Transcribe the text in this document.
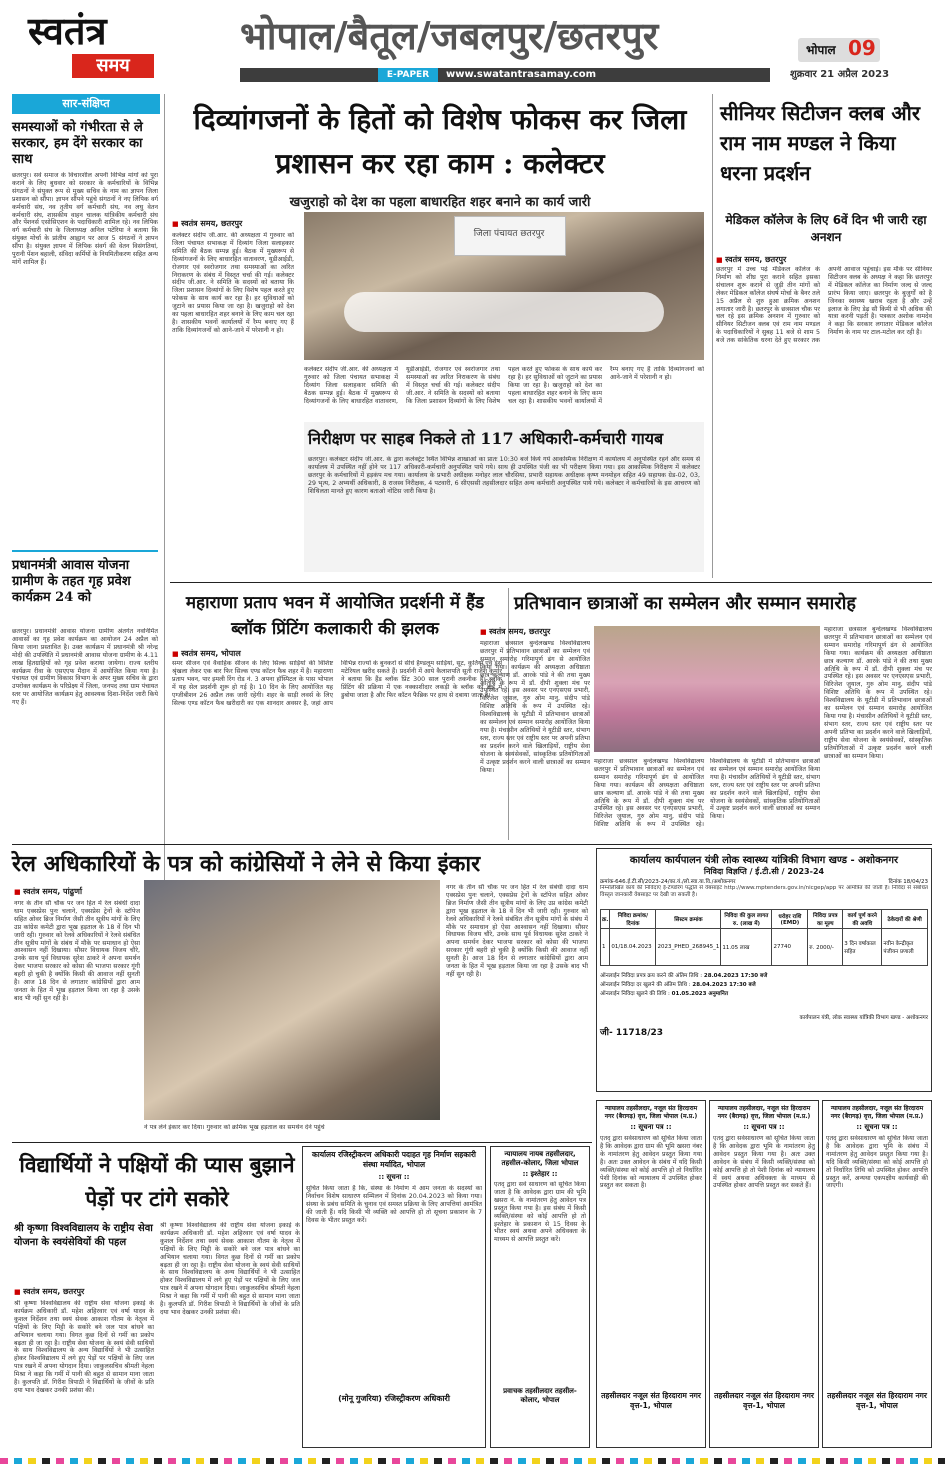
स्वतंत्र
समय
भोपाल/बैतूल/जबलपुर/छतरपुर
E-PAPER	www.swatantrasamay.com
भोपाल 09
शुक्रवार 21 अप्रैल 2023
सार-संक्षिप्त
समस्याओं को गंभीरता से ले सरकार, हम देंगे सरकार का साथ
छतरपुर। सर्व समाज के विचारशील अपनी विभिन्न मांगों को पूरा कराने के लिए बुधवार को सरकार के कर्मचारियों के विभिन्न संगठनों ने संयुक्त रूप से मुख्य सचिव के नाम का ज्ञापन जिला प्रशासन को सौंपा। ज्ञापन सौंपने पहुंचे संगठनों ने नए लिपिक वर्ग कर्मचारी संघ, नव तृतीय वर्ग कर्मचारी संघ, नव लघु वेतन कर्मचारी संघ, शासकीय वाहन चालक यांत्रिकीय कर्मचारी संघ और पेंशनर्स एसोसिएशन के पदाधिकारी शामिल रहे। नव लिपिक वर्ग कर्मचारी संघ के जिलाध्यक्ष अनिल पटेरिया ने बताया कि संयुक्त मोर्चा के प्रांतीय आह्वान पर आज 5 संगठनों ने ज्ञापन सौंपा है। संयुक्त ज्ञापन में लिपिक संवर्ग की वेतन विसंगतियां, पुरानी पेंशन बहाली, संविदा कर्मियों के नियमितीकरण सहित अन्य मांगें शामिल हैं।
प्रधानमंत्री आवास योजना ग्रामीण के तहत गृह प्रवेश कार्यक्रम 24 को
छतरपुर। प्रधानमंत्री आवास योजना ग्रामीण अंतर्गत नवनिर्मित आवासों का गृह प्रवेश कार्यक्रम का आयोजन 24 अप्रैल को किया जाना प्रस्तावित है। उक्त कार्यक्रम में प्रधानमंत्री श्री नरेन्द्र मोदी की उपस्थिति में प्रधानमंत्री आवास योजना ग्रामीण के 4.11 लाख हितग्राहियों को गृह प्रवेश कराया जायेगा। राज्य स्तरीय कार्यक्रम रीवा के एसएएफ मैदान में आयोजित किया गया है। पंचायत एवं ग्रामीण विकास विभाग के अपर मुख्य सचिव के द्वारा उपरोक्त कार्यक्रम के परिप्रेक्ष्य में जिला, जनपद तथा ग्राम पंचायत स्तर पर आयोजित कार्यक्रम हेतु आवश्यक दिशा-निर्देश जारी किये गए हैं।
दिव्यांगजनों के हितों को विशेष फोकस कर जिला प्रशासन कर रहा काम : कलेक्टर
खजुराहो को देश का पहला बाधारहित शहर बनाने का कार्य जारी
■ स्वतंत्र समय, छतरपुर
कलेक्टर संदीप जी.आर. की अध्यक्षता में गुरुवार को जिला पंचायत सभाकक्ष में दिव्यांग जिला सलाहकार समिति की बैठक सम्पन्न हुई। बैठक में मुख्यरूप से दिव्यांगजनों के लिए बाधारहित वातावरण, यूडीआईडी, रोजगार एवं स्वरोजगार तथा समस्याओं का त्वरित निराकरण के संबंध में विस्तृत चर्चा की गई। कलेक्टर संदीप जी.आर. ने समिति के सदस्यों को बताया कि जिला प्रशासन दिव्यांगों के लिए विशेष पहल करते हुए फोकस के साथ कार्य कर रहा है। हर सुविधाओं को जुटाने का प्रयास किया जा रहा है। खजुराहो को देश का पहला बाधारहित शहर बनाने के लिए काम चल रहा है। शासकीय भवनों कार्यालयों में रैम्प बनाए गए हैं ताकि दिव्यांगजनों को आने-जाने में परेशानी न हो।
जिला पंचायत छतरपुर
कलेक्टर संदीप जी.आर. की अध्यक्षता में गुरुवार को जिला पंचायत सभाकक्ष में दिव्यांग जिला सलाहकार समिति की बैठक सम्पन्न हुई। बैठक में मुख्यरूप से दिव्यांगजनों के लिए बाधारहित वातावरण, यूडीआईडी, रोजगार एवं स्वरोजगार तथा समस्याओं का त्वरित निराकरण के संबंध में विस्तृत चर्चा की गई। कलेक्टर संदीप जी.आर. ने समिति के सदस्यों को बताया कि जिला प्रशासन दिव्यांगों के लिए विशेष पहल करते हुए फोकस के साथ कार्य कर रहा है। हर सुविधाओं को जुटाने का प्रयास किया जा रहा है। खजुराहो को देश का पहला बाधारहित शहर बनाने के लिए काम चल रहा है। शासकीय भवनों कार्यालयों में रैम्प बनाए गए हैं ताकि दिव्यांगजनों को आने-जाने में परेशानी न हो।
निरीक्षण पर साहब निकले तो 117 अधिकारी-कर्मचारी गायब
छतरपुर। कलेक्टर संदीप जी.आर. के द्वारा कलेक्ट्रेट स्थित विभिन्न शाखाओं का प्रातः 10:30 बजे किये गये आकस्मिक निरीक्षण में कार्यालय में अनुपस्थित रहने और समय से कार्यालय में उपस्थित नहीं होने पर 117 अधिकारी-कर्मचारी अनुपस्थित पाये गये। साथ ही उपस्थित पंजी का भी परीक्षण किया गया। इस आकस्मिक निरीक्षण में कलेक्टर छतरपुर के कर्मचारियों में हड़कंप मच गया। कार्यालय के प्रभारी अधीक्षक मनोहर लाल चौरसिया, प्रभारी सहायक अधीक्षक कृष्ण मनमोहन सहित 49 सहायक ग्रेड-02, 03, 29 भृत्य, 2 अभ्यर्थी अधिकारी, 8 राजस्व निरीक्षक, 4 पटवारी, 6 सीएससी तहसीलदार सहित अन्य कर्मचारी अनुपस्थित पाये गये। कलेक्टर ने कर्मचारियों के इस आचरण को शिथिलता मानते हुए कारण बताओ नोटिस जारी किया है।
सीनियर सिटीजन क्लब और राम नाम मण्डल ने किया धरना प्रदर्शन
मेडिकल कॉलेज के लिए 6वें दिन भी जारी रहा अनशन
■ स्वतंत्र समय, छतरपुर
छतरपुर में उच्च पढ़े मेडिकल कॉलेज के निर्माण को शीघ्र पूरा कराने सहित इसका संचालन शुरू कराने से जुड़ी तीन मांगों को लेकर मेडिकल कॉलेज संघर्ष मोर्चा के बैनर तले 15 अप्रैल से शुरु हुआ क्रमिक अनशन लगातार जारी है। छतरपुर के छत्रसाल चौक पर चल रहे इस क्रमिक अनशन में गुरुवार को सीनियर सिटीजन क्लब एवं राम नाम मण्डल के पदाधिकारियों ने सुबह 11 बजे से शाम 5 बजे तक सांकेतिक धरना देते हुए सरकार तक अपनी आवाज पहुंचाई। इस मौके पर सीनियर सिटीजन क्लब के अध्यक्ष ने कहा कि छतरपुर में मेडिकल कॉलेज का निर्माण जल्द से जल्द प्रारंभ किया जाए। छतरपुर के बुजुर्गों को है जिनका स्वास्थ्य खराब रहता है और उन्हें इलाज के लिए डेढ़ सौ किमी से भी अधिक की यात्रा करनी पड़ती है। पत्रकार अशोक नामदेव ने कहा कि सरकार लगातार मेडिकल कॉलेज निर्माण के नाम पर टाल-मटोल कर रही है।
महाराणा प्रताप भवन में आयोजित प्रदर्शनी में हैंड ब्लॉक प्रिंटिंग कलाकारी की झलक
■ स्वतंत्र समय, भोपाल
समर सीजन एवं वैवाहिक सीजन के लिए सिल्क साड़ियों की विशिष्ट श्रृंखला लेकर एक बार फिर सिल्क एण्ड कॉटन फैब शहर में है। महाराणा प्रताप भवन, पार इमली रिंग रोड नं. 3 अपना हॉस्पिटल के पास भोपाल में यह सेल प्रदर्शनी शुरू हो गई है। 10 दिन के लिए आयोजित यह एग्जीबीशन 26 अप्रैल तक जारी रहेगी। शहर के साड़ी लवर्स के लिए सिल्क एण्ड कॉटन फैब खरीदारी का एक शानदार अवसर है, जहां आप विभिन्न राज्यों के बुनकरों से सीधे हैण्डलूम साड़ियां, सूट, कुर्तियां एवं ड्रेस मटेरियल खरीद सकते हैं। प्रदर्शनी में आये कैलाशपति सूती राजेश कुमार ने बताया कि हैंड ब्लॉक प्रिंट 300 साल पुरानी तकनीक है। ब्लॉक प्रिंटिंग की प्रक्रिया में एक नक्काशीदार लकड़ी के ब्लॉक को डाई में डुबोया जाता है और फिर कॉटन फैब्रिक पर हाथ से दबाया जाता है।
प्रतिभावान छात्राओं का सम्मेलन और सम्मान समारोह
■ स्वतंत्र समय, छतरपुर
महाराजा छत्रसाल बुन्देलखण्ड विश्वविद्यालय छतरपुर में प्रतिभावान छात्राओं का सम्मेलन एवं सम्मान समारोह गरिमापूर्ण ढंग से आयोजित किया गया। कार्यक्रम की अध्यक्षता अधिष्ठाता छात्र कल्याण डॉ. आरके पांडे ने की तथा मुख्य अतिथि के रूप में डॉ. दीपी शुक्ला मंच पर उपस्थित रहे। इस अवसर पर एनएसएस प्रभारी, विरिजेश जुयाल, गुरु ओम मानु, संदीप पांडे विशिष्ट अतिथि के रूप में उपस्थित रहे। विश्वविद्यालय के यूटीडी में प्रतिभावान छात्राओं का सम्मेलन एवं सम्मान समारोह आयोजित किया गया है। मंचासीन अतिथियों ने यूटीडी स्तर, संभाग स्तर, राज्य स्तर एवं राष्ट्रीय स्तर पर अपनी प्रतिभा का प्रदर्शन करने वाले खिलाड़ियों, राष्ट्रीय सेवा योजना के स्वयंसेवकों, सांस्कृतिक प्रतियोगिताओं में उत्कृष्ट प्रदर्शन करने वाली छात्राओं का सम्मान किया।
महाराजा छत्रसाल बुन्देलखण्ड विश्वविद्यालय छतरपुर में प्रतिभावान छात्राओं का सम्मेलन एवं सम्मान समारोह गरिमापूर्ण ढंग से आयोजित किया गया। कार्यक्रम की अध्यक्षता अधिष्ठाता छात्र कल्याण डॉ. आरके पांडे ने की तथा मुख्य अतिथि के रूप में डॉ. दीपी शुक्ला मंच पर उपस्थित रहे। इस अवसर पर एनएसएस प्रभारी, विरिजेश जुयाल, गुरु ओम मानु, संदीप पांडे विशिष्ट अतिथि के रूप में उपस्थित रहे। विश्वविद्यालय के यूटीडी में प्रतिभावान छात्राओं का सम्मेलन एवं सम्मान समारोह आयोजित किया गया है। मंचासीन अतिथियों ने यूटीडी स्तर, संभाग स्तर, राज्य स्तर एवं राष्ट्रीय स्तर पर अपनी प्रतिभा का प्रदर्शन करने वाले खिलाड़ियों, राष्ट्रीय सेवा योजना के स्वयंसेवकों, सांस्कृतिक प्रतियोगिताओं में उत्कृष्ट प्रदर्शन करने वाली छात्राओं का सम्मान किया।
महाराजा छत्रसाल बुन्देलखण्ड विश्वविद्यालय छतरपुर में प्रतिभावान छात्राओं का सम्मेलन एवं सम्मान समारोह गरिमापूर्ण ढंग से आयोजित किया गया। कार्यक्रम की अध्यक्षता अधिष्ठाता छात्र कल्याण डॉ. आरके पांडे ने की तथा मुख्य अतिथि के रूप में डॉ. दीपी शुक्ला मंच पर उपस्थित रहे। इस अवसर पर एनएसएस प्रभारी, विरिजेश जुयाल, गुरु ओम मानु, संदीप पांडे विशिष्ट अतिथि के रूप में उपस्थित रहे। विश्वविद्यालय के यूटीडी में प्रतिभावान छात्राओं का सम्मेलन एवं सम्मान समारोह आयोजित किया गया है। मंचासीन अतिथियों ने यूटीडी स्तर, संभाग स्तर, राज्य स्तर एवं राष्ट्रीय स्तर पर अपनी प्रतिभा का प्रदर्शन करने वाले खिलाड़ियों, राष्ट्रीय सेवा योजना के स्वयंसेवकों, सांस्कृतिक प्रतियोगिताओं में उत्कृष्ट प्रदर्शन करने वाली छात्राओं का सम्मान किया।
रेल अधिकारियों के पत्र को कांग्रेसियों ने लेने से किया इंकार
■ स्वतंत्र समय, पांढुर्णा
नगर के तीन सौ चौक पर जन हित में रेल संबंधी दादा धाम एक्सप्रेस पुनः चलाने, एक्सप्रेस ट्रेनों के स्टॉपेज सहित ओवर ब्रिज निर्माण जैसी तीन सूत्रीय मांगों के लिए उप्र कांग्रेस कमेटी द्वारा भूख हड़ताल के 18 वें दिन भी जारी रही। गुरुवार को रेलवे अधिकारियों ने रेलवे संबंधित तीन सूत्रीय मांगों के संबंध में मौके पर समाधान हो ऐसा आश्वासन नहीं दिखाया। सौसर विधायक विजय चौरे, उनके साथ पूर्व विधायक सुरेश ठाकरे ने अपना समर्थन देकर भाजपा सरकार को कोसा की भाजपा सरकार गूंगी बहरी हो चुकी है क्योंकि किसी की आवाज नहीं सुनती है। आज 18 दिन से लगातार कांग्रेसियों द्वारा आम जनता के हित में भूख हड़ताल किया जा रहा है उसके बाद भी नहीं सुन रही है।
ने पत्र लेने इंकार कर दिया। गुरुवार को क्रमिक भूख हड़ताल का समर्थन देने पहुंचे
नगर के तीन सौ चौक पर जन हित में रेल संबंधी दादा धाम एक्सप्रेस पुनः चलाने, एक्सप्रेस ट्रेनों के स्टॉपेज सहित ओवर ब्रिज निर्माण जैसी तीन सूत्रीय मांगों के लिए उप्र कांग्रेस कमेटी द्वारा भूख हड़ताल के 18 वें दिन भी जारी रही। गुरुवार को रेलवे अधिकारियों ने रेलवे संबंधित तीन सूत्रीय मांगों के संबंध में मौके पर समाधान हो ऐसा आश्वासन नहीं दिखाया। सौसर विधायक विजय चौरे, उनके साथ पूर्व विधायक सुरेश ठाकरे ने अपना समर्थन देकर भाजपा सरकार को कोसा की भाजपा सरकार गूंगी बहरी हो चुकी है क्योंकि किसी की आवाज नहीं सुनती है। आज 18 दिन से लगातार कांग्रेसियों द्वारा आम जनता के हित में भूख हड़ताल किया जा रहा है उसके बाद भी नहीं सुन रही है।
कार्यालय कार्यपालन यंत्री लोक स्वास्थ्य यांत्रिकी विभाग खण्ड - अशोकनगर
निविदा विज्ञप्ति / ई.टी.सी / 2023-24
क्रमांक-646.ई.टी.सी/2023-24/का.यं./लो.स्वा.या.वि./अशोकनगर	दिनांक 18/04/23
निम्नलिखित कार्य की निविदाएं ई-टेण्डरिंग पद्धति से वेबसाइट http://www.mptenders.gov.in/nicgep/app पर आमंत्रित की जाती हैं। निविदा से संबंधित विस्तृत जानकारी वेबसाइट पर देखी जा सकती है।
क्र.	निविदा क्रमांक/ दिनांक	सिस्टम क्रमांक	निविदा की कुल लागत रु. (लाख में)	धरोहर राशि (EMD)	निविदा प्रपत्र का मूल्य	कार्य पूर्ण करने की अवधि	ठेकेदारों की श्रेणी
1	01/18.04.2023	2023_PHED_268945_1	11.05 लाख	27740	रु. 2000/-	3 दिन वर्षाकाल सहित	नवीन केन्द्रीकृत पंजीयन प्रणाली
ऑनलाईन निविदा प्रपत्र क्रय करने की अंतिम तिथि : 28.04.2023 17:30 बजे
ऑनलाईन निविदा दर खुलने की अंतिम तिथि : 28.04.2023 17:30 बजे
ऑनलाईन निविदा खुलने की तिथि : 01.05.2023 अनुमानित
कार्यपालन यंत्री, लोक स्वास्थ्य यांत्रिकी विभाग खण्ड - अशोकनगर
जी- 11718/23
विद्यार्थियों ने पक्षियों की प्यास बुझाने पेड़ों पर टांगे सकोरे
श्री कृष्णा विश्वविद्यालय के राष्ट्रीय सेवा योजना के स्वयंसेवियों की पहल
■ स्वतंत्र समय, छतरपुर
श्री कृष्णा विश्वविद्यालय की राष्ट्रीय सेवा योजना इकाई के कार्यक्रम अधिकारी डॉ. महेश अहिरवार एवं वर्षा यादव के कुशल निर्देशन तथा स्वयं सेवक आकाश गौतम के नेतृत्व में पक्षियों के लिए मिट्टी के सकोरे बने जल पात्र बांधने का अभियान चलाया गया। विगत कुछ दिनों से गर्मी का प्रकोप बढ़ता ही जा रहा है। राष्ट्रीय सेवा योजना के स्वयं सेवी साथियों के साथ विश्वविद्यालय के अन्य विद्यार्थियों ने भी उत्साहित होकर विश्वविद्यालय में लगे हुए पेड़ों पर पक्षियों के लिए जल पात्र रखने में अपना योगदान दिया। जाकुलसचिव श्रीमती नेहला मिश्रा ने कहा कि गर्मी में पानी की बहुत से सामान माना जाता है। कुलपति डॉ. गिरीश त्रिपाठी ने विद्यार्थियों के जीवों के प्रति दया भाव देखकर उनकी प्रशंसा की।
श्री कृष्णा विश्वविद्यालय की राष्ट्रीय सेवा योजना इकाई के कार्यक्रम अधिकारी डॉ. महेश अहिरवार एवं वर्षा यादव के कुशल निर्देशन तथा स्वयं सेवक आकाश गौतम के नेतृत्व में पक्षियों के लिए मिट्टी के सकोरे बने जल पात्र बांधने का अभियान चलाया गया। विगत कुछ दिनों से गर्मी का प्रकोप बढ़ता ही जा रहा है। राष्ट्रीय सेवा योजना के स्वयं सेवी साथियों के साथ विश्वविद्यालय के अन्य विद्यार्थियों ने भी उत्साहित होकर विश्वविद्यालय में लगे हुए पेड़ों पर पक्षियों के लिए जल पात्र रखने में अपना योगदान दिया। जाकुलसचिव श्रीमती नेहला मिश्रा ने कहा कि गर्मी में पानी की बहुत से सामान माना जाता है। कुलपति डॉ. गिरीश त्रिपाठी ने विद्यार्थियों के जीवों के प्रति दया भाव देखकर उनकी प्रशंसा की।
कार्यालय रजिस्ट्रीकरण अधिकारी पदाहत गृह निर्माण सहकारी संस्था मर्यादित, भोपाल
:: सूचना ::
सूचित किया जाता है कि, संस्था के निर्माण में आम जनता के सदस्यों का निर्वाचन विशेष साधारण सम्मिलन में दिनांक 20.04.2023 को किया गया। संस्था के प्रबंध समिति के चुनाव एवं समस्त प्रक्रिया के लिए आपत्तियां आमंत्रित की जाती हैं। यदि किसी भी व्यक्ति को आपत्ति हो तो सूचना प्रकाशन के 7 दिवस के भीतर प्रस्तुत करें।
(मोनू गुजरिया) रजिस्ट्रीकरण अधिकारी
न्यायालय नायब तहसीलदार, तहसील-कोलार, जिला भोपाल
:: इश्तेहार ::
एतद् द्वारा सर्व साधारण को सूचित किया जाता है कि आवेदक द्वारा ग्राम की भूमि खसरा नं. के नामांतरण हेतु आवेदन पत्र प्रस्तुत किया गया है। इस संबंध में किसी व्यक्ति/संस्था को कोई आपत्ति हो तो इश्तेहार के प्रकाशन से 15 दिवस के भीतर स्वयं अथवा अपने अधिवक्ता के माध्यम से आपत्ति प्रस्तुत करें।
प्रवाचक तहसीलदार तहसील-कोलार, भोपाल
न्यायालय तहसीलदार, नजूल संत हिरदाराम नगर (बैरागढ़) वृत्त, जिला भोपाल (म.प्र.)
:: सूचना पत्र ::
एतद् द्वारा सर्वसाधारण को सूचित किया जाता है कि आवेदक द्वारा ग्राम की भूमि खसरा नंबर के नामांतरण हेतु आवेदन प्रस्तुत किया गया है। अतः उक्त आवेदन के संबंध में यदि किसी व्यक्ति/संस्था को कोई आपत्ति हो तो निर्धारित पेशी दिनांक को न्यायालय में उपस्थित होकर प्रस्तुत कर सकता है।
तहसीलदार नजूल संत हिरदाराम नगर वृत्त-1, भोपाल
न्यायालय तहसीलदार, नजूल संत हिरदाराम नगर (बैरागढ़) वृत्त, जिला भोपाल (म.प्र.)
:: सूचना पत्र ::
एतद् द्वारा सर्वसाधारण को सूचित किया जाता है कि आवेदक द्वारा भूमि के नामांतरण हेतु आवेदन प्रस्तुत किया गया है। अतः उक्त आवेदन के संबंध में किसी व्यक्ति/संस्था को कोई आपत्ति हो तो पेशी दिनांक को न्यायालय में स्वयं अथवा अधिवक्ता के माध्यम से उपस्थित होकर आपत्ति प्रस्तुत कर सकते हैं।
तहसीलदार नजूल संत हिरदाराम नगर वृत्त-1, भोपाल
न्यायालय तहसीलदार, नजूल संत हिरदाराम नगर (बैरागढ़) वृत्त, जिला भोपाल (म.प्र.)
:: सूचना पत्र ::
एतद् द्वारा सर्वसाधारण को सूचित किया जाता है कि आवेदक द्वारा भूमि के संबंध में नामांतरण हेतु आवेदन प्रस्तुत किया गया है। यदि किसी व्यक्ति/संस्था को कोई आपत्ति हो तो निर्धारित तिथि को उपस्थित होकर आपत्ति प्रस्तुत करें, अन्यथा एकपक्षीय कार्यवाही की जाएगी।
तहसीलदार नजूल संत हिरदाराम नगर वृत्त-1, भोपाल
